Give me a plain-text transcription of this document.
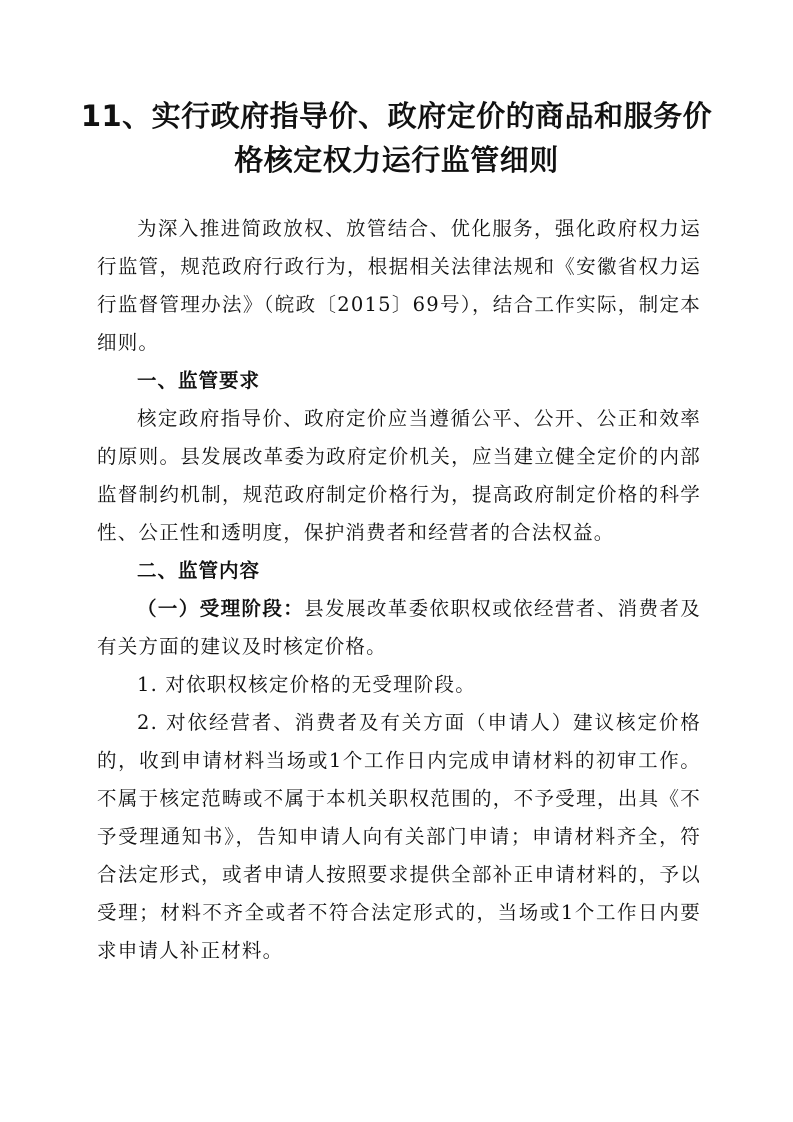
11、实行政府指导价、政府定价的商品和服务价
格核定权力运行监管细则

为深入推进简政放权、放管结合、优化服务，强化政府权力运行监管，规范政府行政行为，根据相关法律法规和《安徽省权力运行监督管理办法》（皖政〔2015〕69号），结合工作实际，制定本细则。

一、监管要求

核定政府指导价、政府定价应当遵循公平、公开、公正和效率的原则。县发展改革委为政府定价机关，应当建立健全定价的内部监督制约机制，规范政府制定价格行为，提高政府制定价格的科学性、公正性和透明度，保护消费者和经营者的合法权益。

二、监管内容

（一）受理阶段：县发展改革委依职权或依经营者、消费者及有关方面的建议及时核定价格。

1. 对依职权核定价格的无受理阶段。

2. 对依经营者、消费者及有关方面（申请人）建议核定价格的，收到申请材料当场或1个工作日内完成申请材料的初审工作。不属于核定范畴或不属于本机关职权范围的，不予受理，出具《不予受理通知书》，告知申请人向有关部门申请；申请材料齐全，符合法定形式，或者申请人按照要求提供全部补正申请材料的，予以受理；材料不齐全或者不符合法定形式的，当场或1个工作日内要求申请人补正材料。
